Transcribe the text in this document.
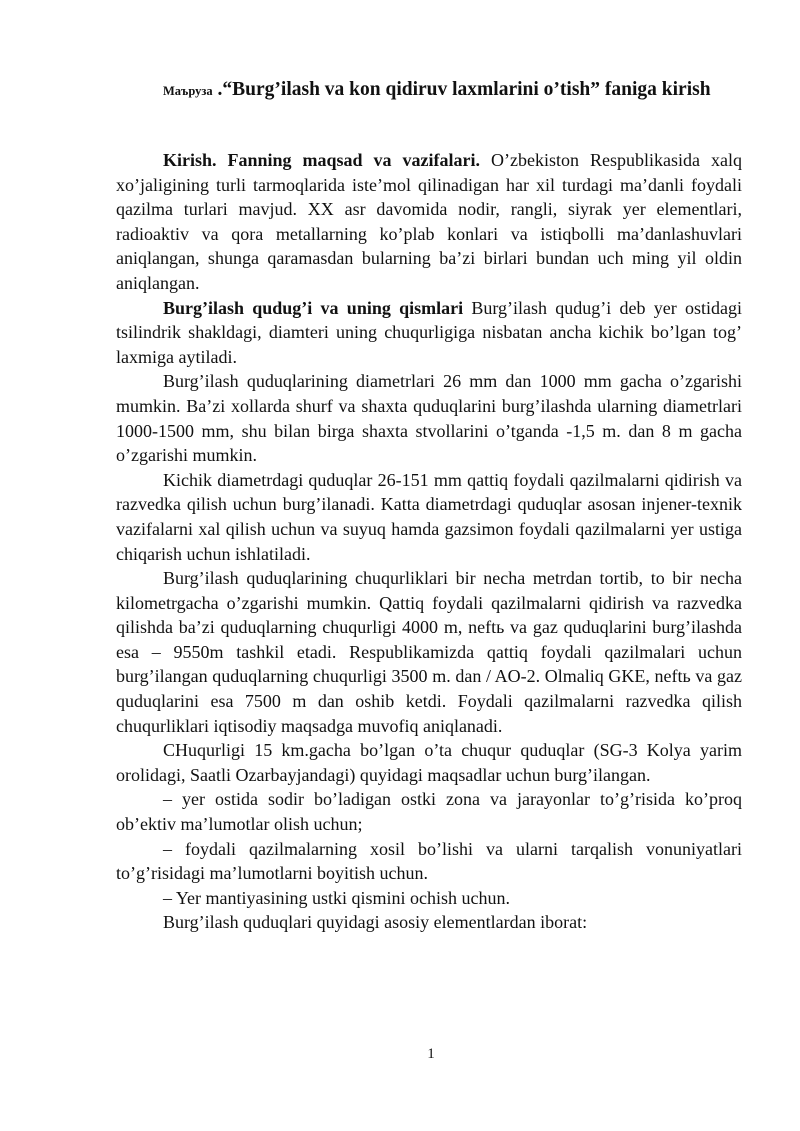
Маъруза .“Burg’ilash va kon qidiruv laxmlarini o’tish” faniga kirish

Kirish. Fanning maqsad va vazifalari. O’zbekiston Respublikasida xalq xo’jaligining turli tarmoqlarida iste’mol qilinadigan har xil turdagi ma’danli foydali qazilma turlari mavjud. XX asr davomida nodir, rangli, siyrak yer elementlari, radioaktiv va qora metallarning ko’plab konlari va istiqbolli ma’danlashuvlari aniqlangan, shunga qaramasdan bularning ba’zi birlari bundan uch ming yil oldin aniqlangan.

Burg’ilash qudug’i va uning qismlari Burg’ilash qudug’i deb yer ostidagi tsilindrik shakldagi, diamteri uning chuqurligiga nisbatan ancha kichik bo’lgan tog’ laxmiga aytiladi.

Burg’ilash quduqlarining diametrlari 26 mm dan 1000 mm gacha o’zgarishi mumkin. Ba’zi xollarda shurf va shaxta quduqlarini burg’ilashda ularning diametrlari 1000-1500 mm, shu bilan birga shaxta stvollarini o’tganda -1,5 m. dan 8 m gacha o’zgarishi mumkin.

Kichik diametrdagi quduqlar 26-151 mm qattiq foydali qazilmalarni qidirish va razvedka qilish uchun burg’ilanadi. Katta diametrdagi quduqlar asosan injener-texnik vazifalarni xal qilish uchun va suyuq hamda gazsimon foydali qazilmalarni yer ustiga chiqarish uchun ishlatiladi.

Burg’ilash quduqlarining chuqurliklari bir necha metrdan tortib, to bir necha kilometrgacha o’zgarishi mumkin. Qattiq foydali qazilmalarni qidirish va razvedka qilishda ba’zi quduqlarning chuqurligi 4000 m, neftь va gaz quduqlarini burg’ilashda esa – 9550m tashkil etadi. Respublikamizda qattiq foydali qazilmalari uchun burg’ilangan quduqlarning chuqurligi 3500 m. dan / AO-2. Olmaliq GKE, neftь va gaz quduqlarini esa 7500 m dan oshib ketdi. Foydali qazilmalarni razvedka qilish chuqurliklari iqtisodiy maqsadga muvofiq aniqlanadi.

CHuqurligi 15 km.gacha bo’lgan o’ta chuqur quduqlar (SG-3 Kolya yarim orolidagi, Saatli Ozarbayjandagi) quyidagi maqsadlar uchun burg’ilangan.

– yer ostida sodir bo’ladigan ostki zona va jarayonlar to’g’risida ko’proq ob’ektiv ma’lumotlar olish uchun;

– foydali qazilmalarning xosil bo’lishi va ularni tarqalish vonuniyatlari to’g’risidagi ma’lumotlarni boyitish uchun.

– Yer mantiyasining ustki qismini ochish uchun.

Burg’ilash quduqlari quyidagi asosiy elementlardan iborat:

1
